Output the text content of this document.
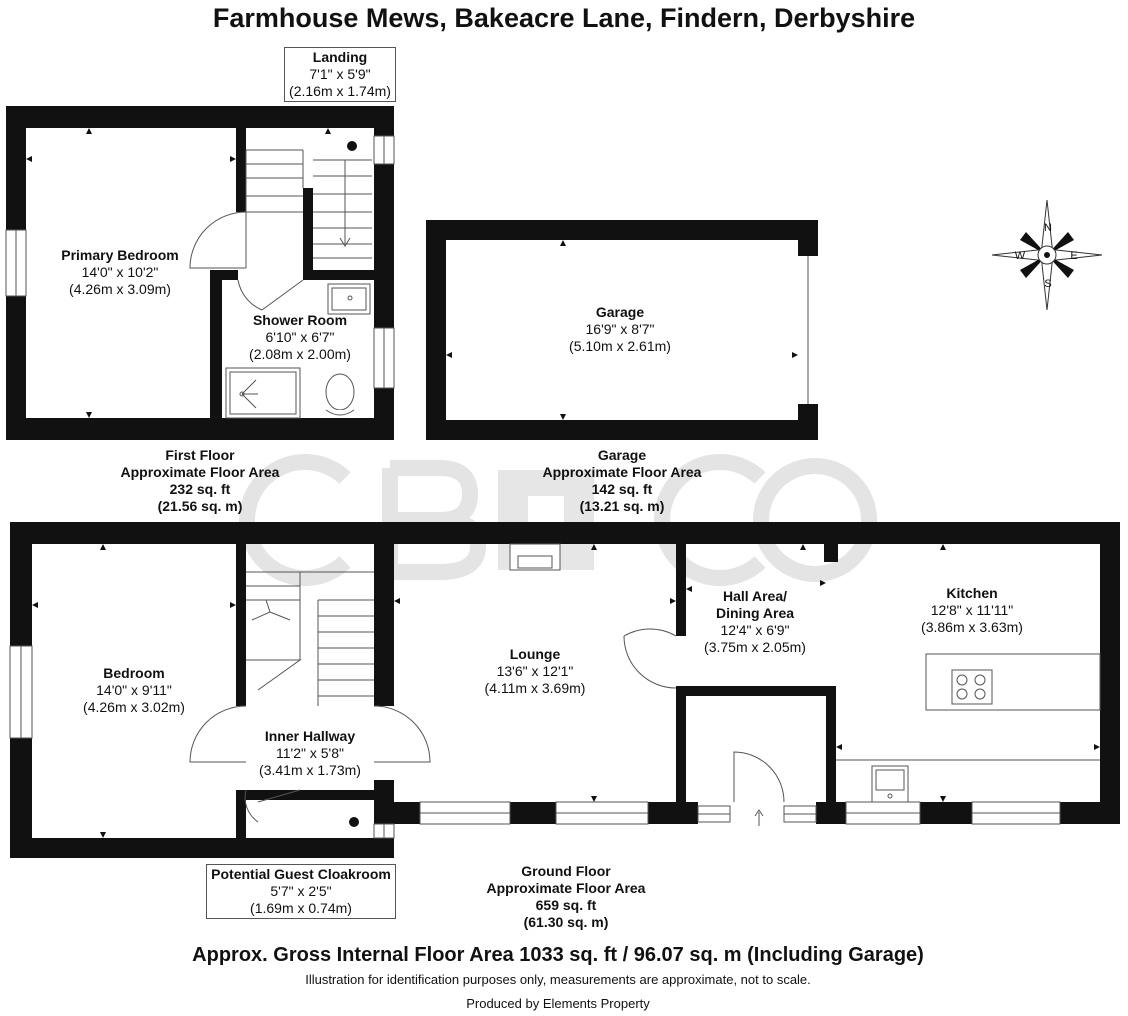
Farmhouse Mews, Bakeacre Lane, Findern, Derbyshire
N
E
S
W
Landing
7'1" x 5'9"
(2.16m x 1.74m)
Primary Bedroom
14'0" x 10'2"
(4.26m x 3.09m)
Shower Room
6'10" x 6'7"
(2.08m x 2.00m)
Garage
16'9" x 8'7"
(5.10m x 2.61m)
First Floor
Approximate Floor Area
232 sq. ft
(21.56 sq. m)
Garage
Approximate Floor Area
142 sq. ft
(13.21 sq. m)
Bedroom
14'0" x 9'11"
(4.26m x 3.02m)
Inner Hallway
11'2" x 5'8"
(3.41m x 1.73m)
Lounge
13'6" x 12'1"
(4.11m x 3.69m)
Hall Area/
Dining Area
12'4" x 6'9"
(3.75m x 2.05m)
Kitchen
12'8" x 11'11"
(3.86m x 3.63m)
Potential Guest Cloakroom
5'7" x 2'5"
(1.69m x 0.74m)
Ground Floor
Approximate Floor Area
659 sq. ft
(61.30 sq. m)
Approx. Gross Internal Floor Area 1033 sq. ft / 96.07 sq. m (Including Garage)
Illustration for identification purposes only, measurements are approximate, not to scale.
Produced by Elements Property
